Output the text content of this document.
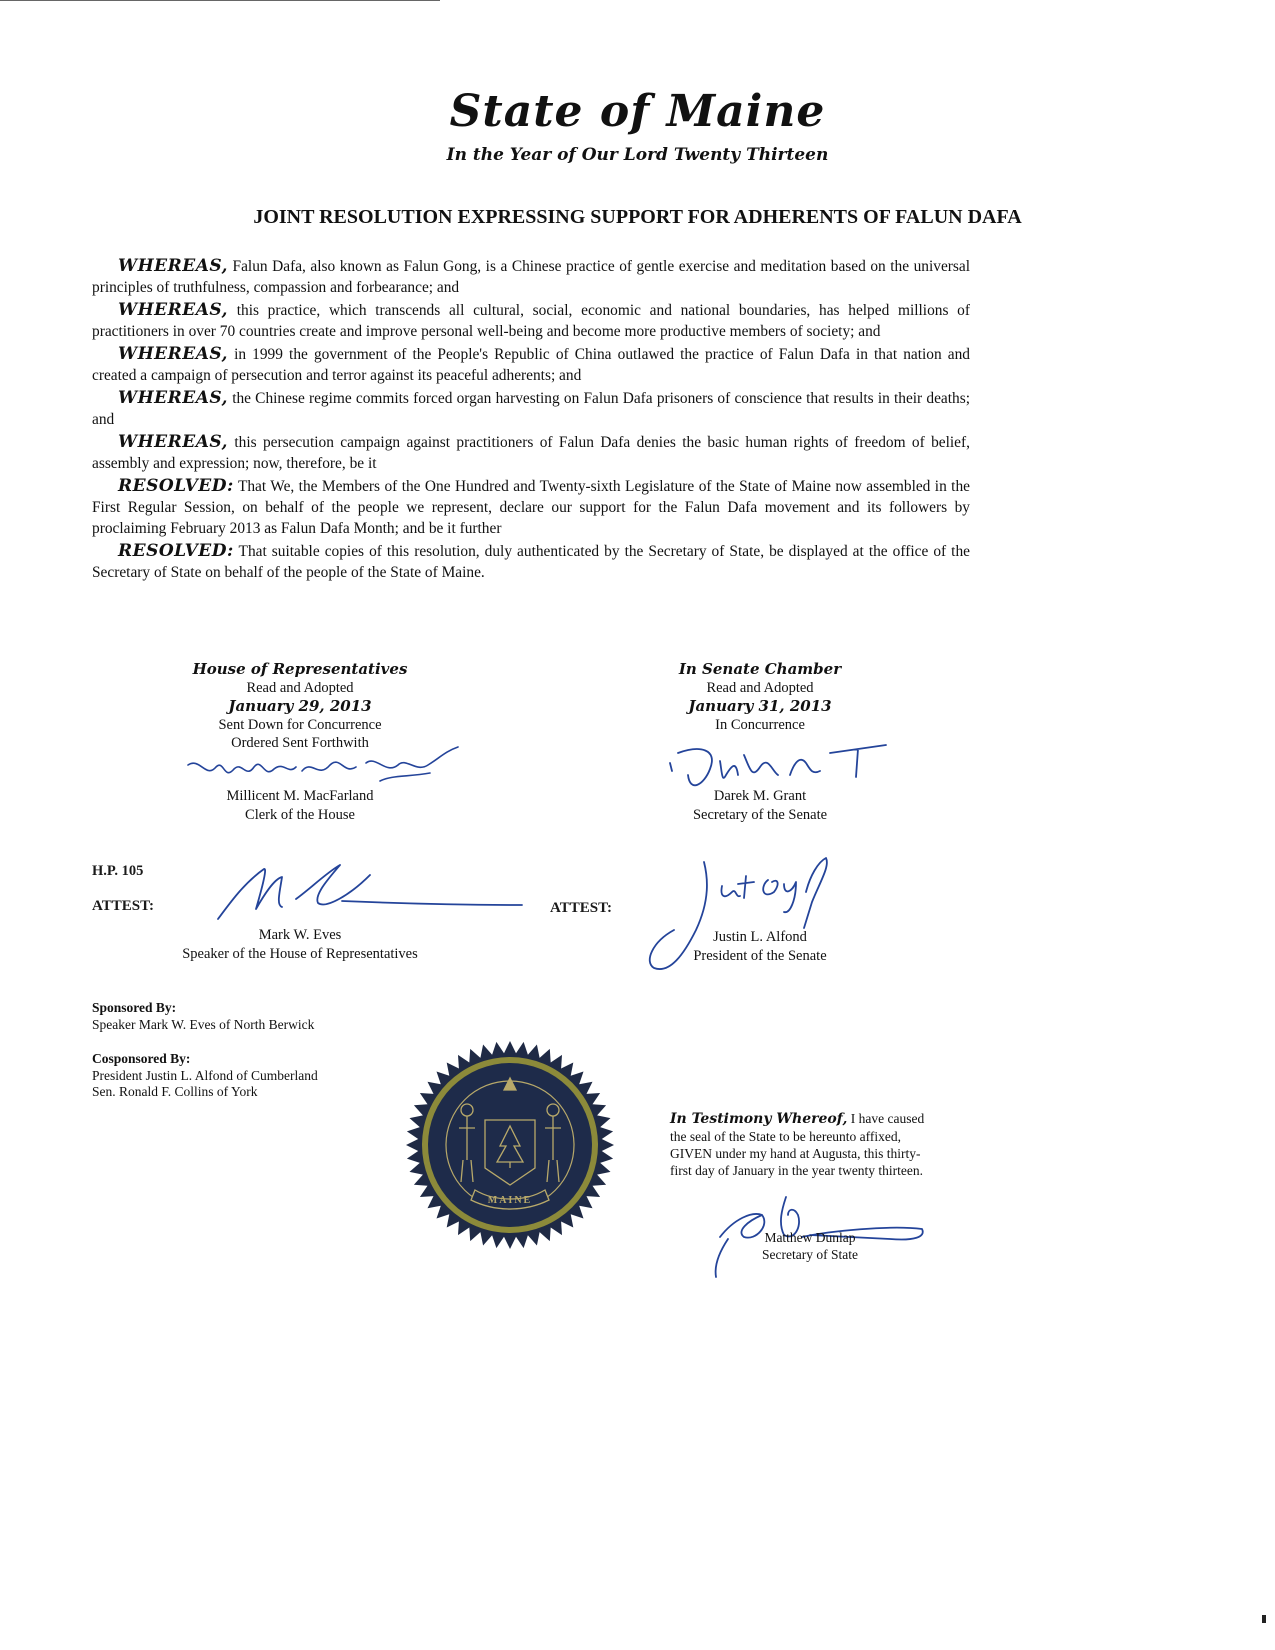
State of Maine
In the Year of Our Lord Twenty Thirteen
JOINT RESOLUTION EXPRESSING SUPPORT FOR ADHERENTS OF FALUN DAFA

WHEREAS, Falun Dafa, also known as Falun Gong, is a Chinese practice of gentle exercise and meditation based on the universal principles of truthfulness, compassion and forbearance; and

WHEREAS, this practice, which transcends all cultural, social, economic and national boundaries, has helped millions of practitioners in over 70 countries create and improve personal well-being and become more productive members of society; and

WHEREAS, in 1999 the government of the People's Republic of China outlawed the practice of Falun Dafa in that nation and created a campaign of persecution and terror against its peaceful adherents; and

WHEREAS, the Chinese regime commits forced organ harvesting on Falun Dafa prisoners of conscience that results in their deaths; and

WHEREAS, this persecution campaign against practitioners of Falun Dafa denies the basic human rights of freedom of belief, assembly and expression; now, therefore, be it

RESOLVED: That We, the Members of the One Hundred and Twenty-sixth Legislature of the State of Maine now assembled in the First Regular Session, on behalf of the people we represent, declare our support for the Falun Dafa movement and its followers by proclaiming February 2013 as Falun Dafa Month; and be it further

RESOLVED: That suitable copies of this resolution, duly authenticated by the Secretary of State, be displayed at the office of the Secretary of State on behalf of the people of the State of Maine.

House of Representatives
Read and Adopted
January 29, 2013
Sent Down for Concurrence
Ordered Sent Forthwith
Millicent M. MacFarland
Clerk of the House
In Senate Chamber
Read and Adopted
January 31, 2013
In Concurrence
Darek M. Grant
Secretary of the Senate
H.P. 105
ATTEST:	ATTEST:
Mark W. Eves
Speaker of the House of Representatives
Justin L. Alfond
President of the Senate
Sponsored By:
Speaker Mark W. Eves of North Berwick
Cosponsored By:
President Justin L. Alfond of Cumberland
Sen. Ronald F. Collins of York
MAINE
In Testimony Whereof, I have caused the seal of the State to be hereunto affixed, GIVEN under my hand at Augusta, this thirty-first day of January in the year twenty thirteen.
Matthew Dunlap
Secretary of State
